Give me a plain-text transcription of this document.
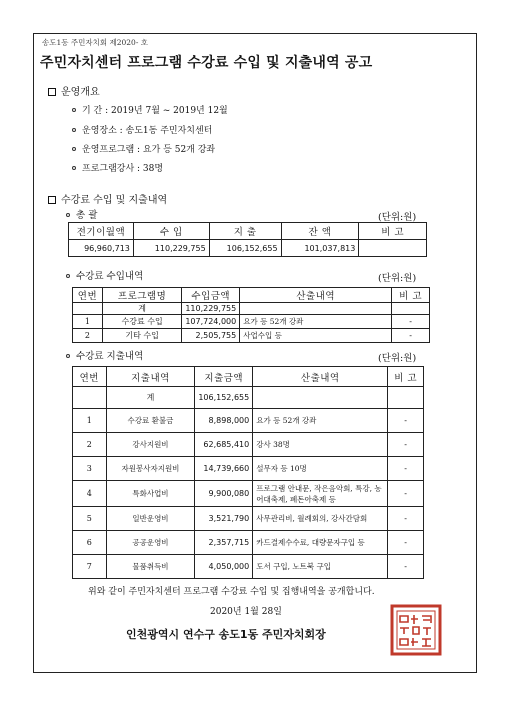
송도1동 주민자치회 제2020- 호
주민자치센터 프로그램 수강료 수입 및 지출내역 공고
운영개요
기 간 : 2019년 7월 ~ 2019년 12월
운영장소 : 송도1동 주민자치센터
운영프로그램 : 요가 등 52개 강좌
프로그램강사 : 38명
수강료 수입 및 지출내역
총 괄	(단위:원)
전기이월액	수 입	지 출	잔 액	비 고
96,960,713	110,229,755	106,152,655	101,037,813	
수강료 수입내역	(단위:원)
연번	프로그램명	수입금액	산출내역	비 고
	계	110,229,755		
1	수강료 수입	107,724,000	요가 등 52개 강좌	-
2	기타 수입	2,505,755	사업수입 등	-
수강료 지출내역	(단위:원)
연번	지출내역	지출금액	산출내역	비 고
	계	106,152,655		
1	수강료 환불금	8,898,000	요가 등 52개 강좌	-
2	강사지원비	62,685,410	강사 38명	-
3	자원봉사자지원비	14,739,660	설무자 등 10명	-
4	특화사업비	9,900,080	프로그램 안내문, 작은음악회, 특강, 농어대축제, 폐돈아축제 등	-
5	일반운영비	3,521,790	사무관리비, 월례회의, 강사간담회	-
6	공공운영비	2,357,715	카드결제수수료, 대량문자구입 등	-
7	물품취득비	4,050,000	도서 구입, 노트북 구입	-
위와 같이 주민자치센터 프로그램 수강료 수입 및 집행내역을 공개합니다.
2020년 1월 28일
인천광역시 연수구 송도1동 주민자치회장
